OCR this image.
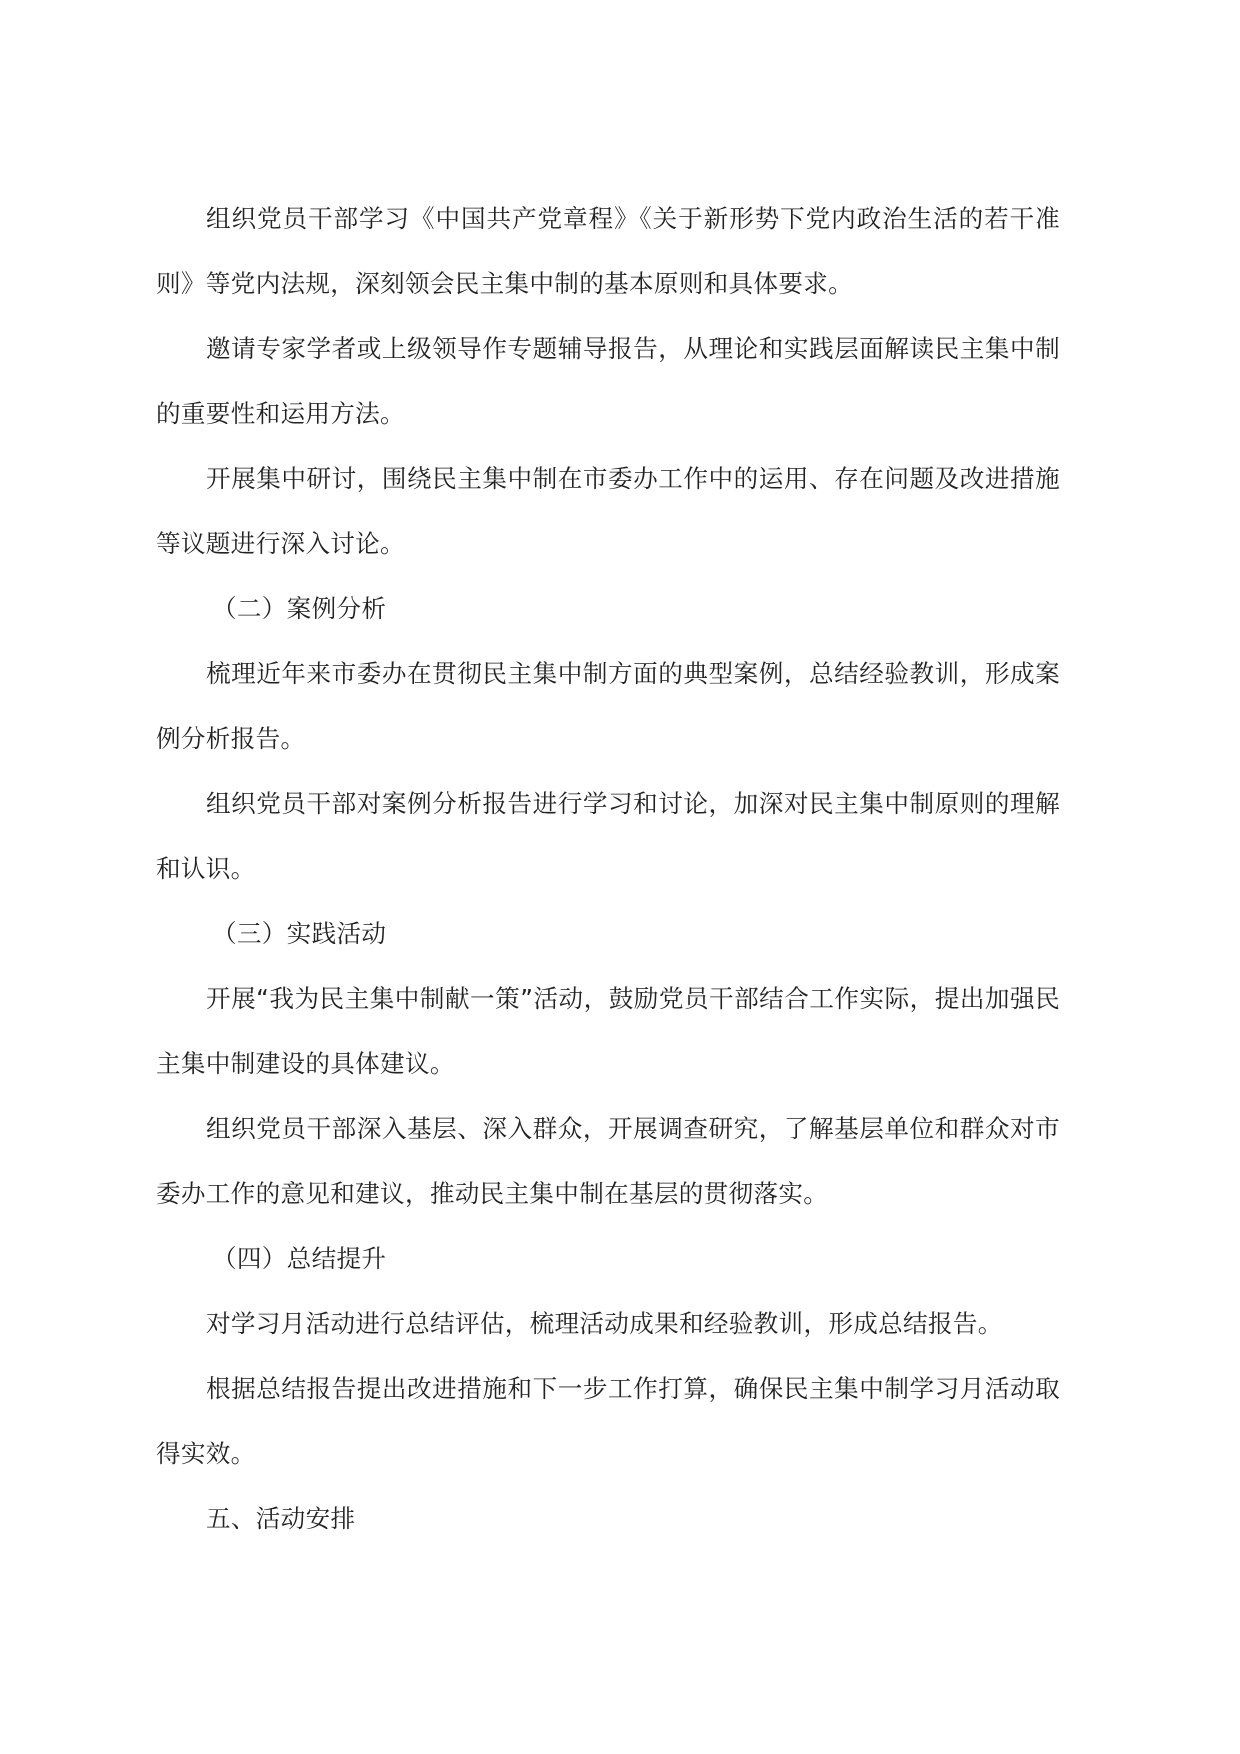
组织党员干部学习《中国共产党章程》《关于新形势下党内政治生活的若干准则》等党内法规，深刻领会民主集中制的基本原则和具体要求。

邀请专家学者或上级领导作专题辅导报告，从理论和实践层面解读民主集中制的重要性和运用方法。

开展集中研讨，围绕民主集中制在市委办工作中的运用、存在问题及改进措施等议题进行深入讨论。

（二）案例分析

梳理近年来市委办在贯彻民主集中制方面的典型案例，总结经验教训，形成案例分析报告。

组织党员干部对案例分析报告进行学习和讨论，加深对民主集中制原则的理解和认识。

（三）实践活动

开展“我为民主集中制献一策”活动，鼓励党员干部结合工作实际，提出加强民主集中制建设的具体建议。

组织党员干部深入基层、深入群众，开展调查研究，了解基层单位和群众对市委办工作的意见和建议，推动民主集中制在基层的贯彻落实。

（四）总结提升

对学习月活动进行总结评估，梳理活动成果和经验教训，形成总结报告。

根据总结报告提出改进措施和下一步工作打算，确保民主集中制学习月活动取得实效。

五、活动安排
